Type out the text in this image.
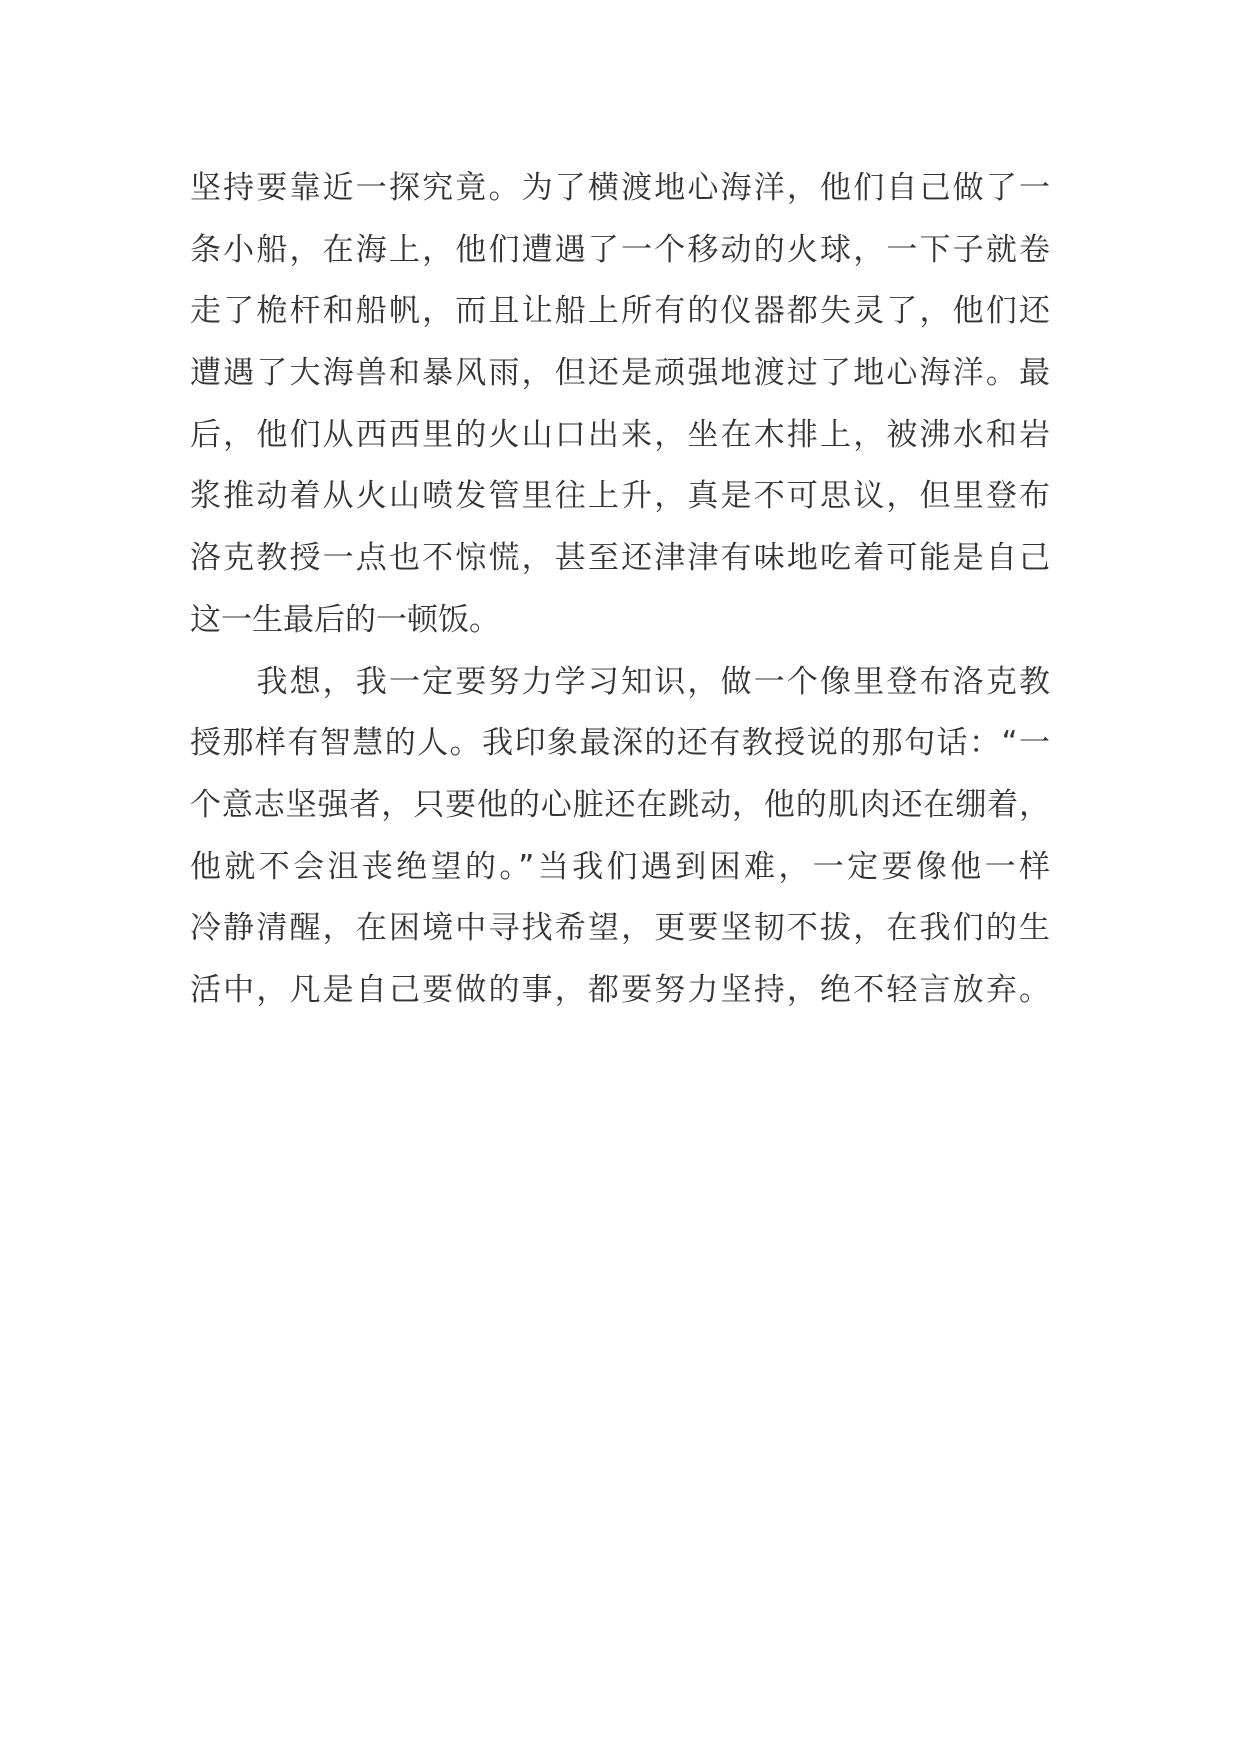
坚持要靠近一探究竟。为了横渡地心海洋，他们自己做了一
条小船，在海上，他们遭遇了一个移动的火球，一下子就卷
走了桅杆和船帆，而且让船上所有的仪器都失灵了，他们还
遭遇了大海兽和暴风雨，但还是顽强地渡过了地心海洋。最
后，他们从西西里的火山口出来，坐在木排上，被沸水和岩
浆推动着从火山喷发管里往上升，真是不可思议，但里登布
洛克教授一点也不惊慌，甚至还津津有味地吃着可能是自己
这一生最后的一顿饭。
　　我想，我一定要努力学习知识，做一个像里登布洛克教
授那样有智慧的人。我印象最深的还有教授说的那句话：“一
个意志坚强者，只要他的心脏还在跳动，他的肌肉还在绷着，
他就不会沮丧绝望的。”当我们遇到困难，一定要像他一样
冷静清醒，在困境中寻找希望，更要坚韧不拔，在我们的生
活中，凡是自己要做的事，都要努力坚持，绝不轻言放弃。
